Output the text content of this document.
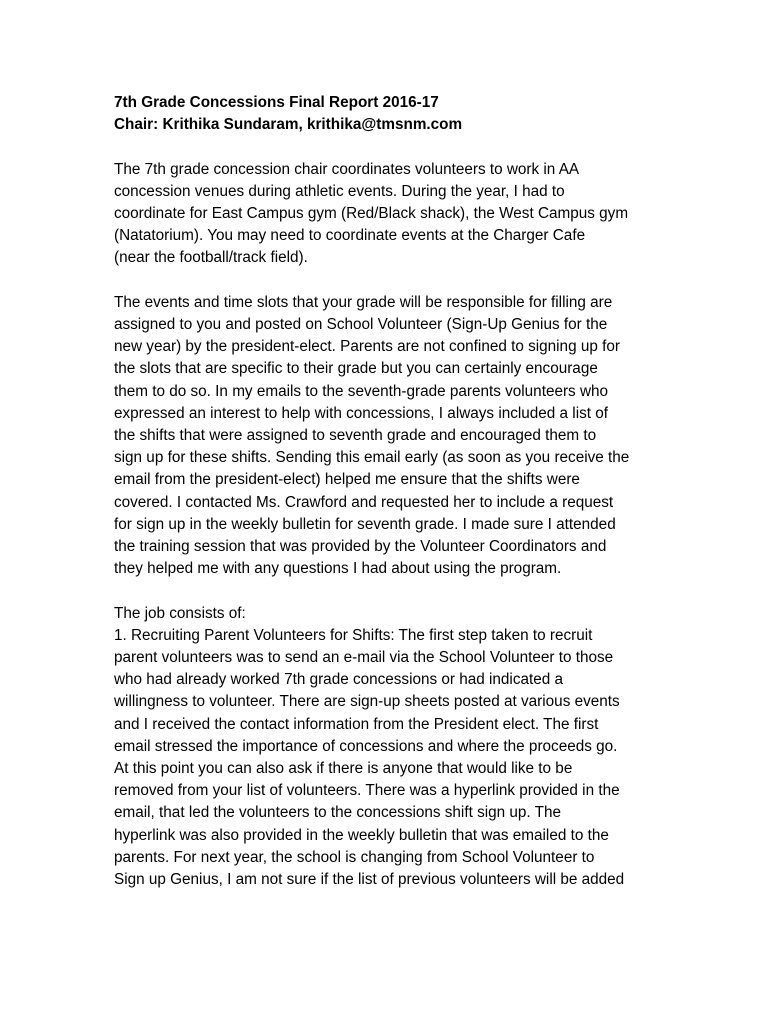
7th Grade Concessions Final Report 2016-17

Chair: Krithika Sundaram, krithika@tmsnm.com

The 7th grade concession chair coordinates volunteers to work in AA
concession venues during athletic events. During the year, I had to
coordinate for East Campus gym (Red/Black shack), the West Campus gym
(Natatorium). You may need to coordinate events at the Charger Cafe
(near the football/track field).

The events and time slots that your grade will be responsible for filling are
assigned to you and posted on School Volunteer (Sign-Up Genius for the
new year) by the president-elect. Parents are not confined to signing up for
the slots that are specific to their grade but you can certainly encourage
them to do so. In my emails to the seventh-grade parents volunteers who
expressed an interest to help with concessions, I always included a list of
the shifts that were assigned to seventh grade and encouraged them to
sign up for these shifts. Sending this email early (as soon as you receive the
email from the president-elect) helped me ensure that the shifts were
covered. I contacted Ms. Crawford and requested her to include a request
for sign up in the weekly bulletin for seventh grade. I made sure I attended
the training session that was provided by the Volunteer Coordinators and
they helped me with any questions I had about using the program.

The job consists of:
1. Recruiting Parent Volunteers for Shifts: The first step taken to recruit
parent volunteers was to send an e-mail via the School Volunteer to those
who had already worked 7th grade concessions or had indicated a
willingness to volunteer. There are sign-up sheets posted at various events
and I received the contact information from the President elect. The first
email stressed the importance of concessions and where the proceeds go.
At this point you can also ask if there is anyone that would like to be
removed from your list of volunteers. There was a hyperlink provided in the
email, that led the volunteers to the concessions shift sign up. The
hyperlink was also provided in the weekly bulletin that was emailed to the
parents. For next year, the school is changing from School Volunteer to
Sign up Genius, I am not sure if the list of previous volunteers will be added
